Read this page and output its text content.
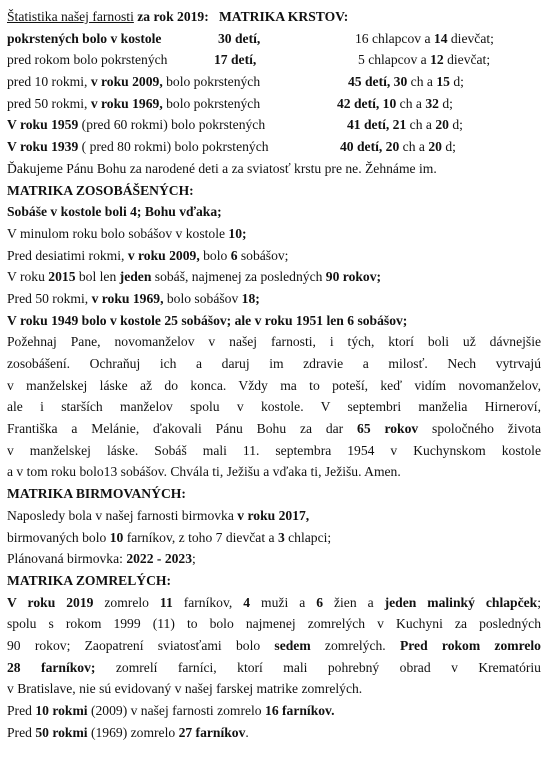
Štatistika našej farnosti za rok 2019: MATRIKA KRSTOV:
pokrstených bolo v kostole	30 detí,	16 chlapcov a 14 dievčat;
pred rokom bolo pokrstených	17 detí,	5 chlapcov a 12 dievčat;
pred 10 rokmi, v roku 2009, bolo pokrstených	45 detí, 30 ch a 15 d;
pred 50 rokmi, v roku 1969, bolo pokrstených	42 detí, 10 ch a 32 d;
V roku 1959 (pred 60 rokmi) bolo pokrstených	41 detí, 21 ch a 20 d;
V roku 1939 ( pred 80 rokmi) bolo pokrstených	40 detí, 20 ch a 20 d;
Ďakujeme Pánu Bohu za narodené deti a za sviatosť krstu pre ne. Žehnáme im.
MATRIKA ZOSOBÁŠENÝCH:
Sobáše v kostole boli 4; Bohu vďaka;
V minulom roku bolo sobášov v kostole 10;
Pred desiatimi rokmi, v roku 2009, bolo 6 sobášov;
V roku 2015 bol len jeden sobáš, najmenej za posledných 90 rokov;
Pred 50 rokmi, v roku 1969, bolo sobášov 18;
V roku 1949 bolo v kostole 25 sobášov; ale v roku 1951 len 6 sobášov;
Požehnaj Pane, novomanželov v našej farnosti, i tých, ktorí boli už dávnejšie
zosobášení. Ochraňuj ich a daruj im zdravie a milosť. Nech vytrvajú
v manželskej láske až do konca. Vždy ma to poteší, keď vidím novomanželov,
ale i starších manželov spolu v kostole. V septembri manželia Hirneroví,
Františka a Melánie, ďakovali Pánu Bohu za dar 65 rokov spoločného života
v manželskej láske. Sobáš mali 11. septembra 1954 v Kuchynskom kostole
a v tom roku bolo13 sobášov. Chvála ti, Ježišu a vďaka ti, Ježišu. Amen.
MATRIKA BIRMOVANÝCH:
Naposledy bola v našej farnosti birmovka v roku 2017,
birmovaných bolo 10 farníkov, z toho 7 dievčat a 3 chlapci;
Plánovaná birmovka: 2022 - 2023;
MATRIKA ZOMRELÝCH:
V roku 2019 zomrelo 11 farníkov, 4 muži a 6 žien a jeden malinký chlapček;
spolu s rokom 1999 (11) to bolo najmenej zomrelých v Kuchyni za posledných
90 rokov; Zaopatrení sviatosťami bolo sedem zomrelých. Pred rokom zomrelo
28 farníkov; zomrelí farníci, ktorí mali pohrebný obrad v Krematóriu
v Bratislave, nie sú evidovaný v našej farskej matrike zomrelých.
Pred 10 rokmi (2009) v našej farnosti zomrelo 16 farníkov.
Pred 50 rokmi (1969) zomrelo 27 farníkov.
